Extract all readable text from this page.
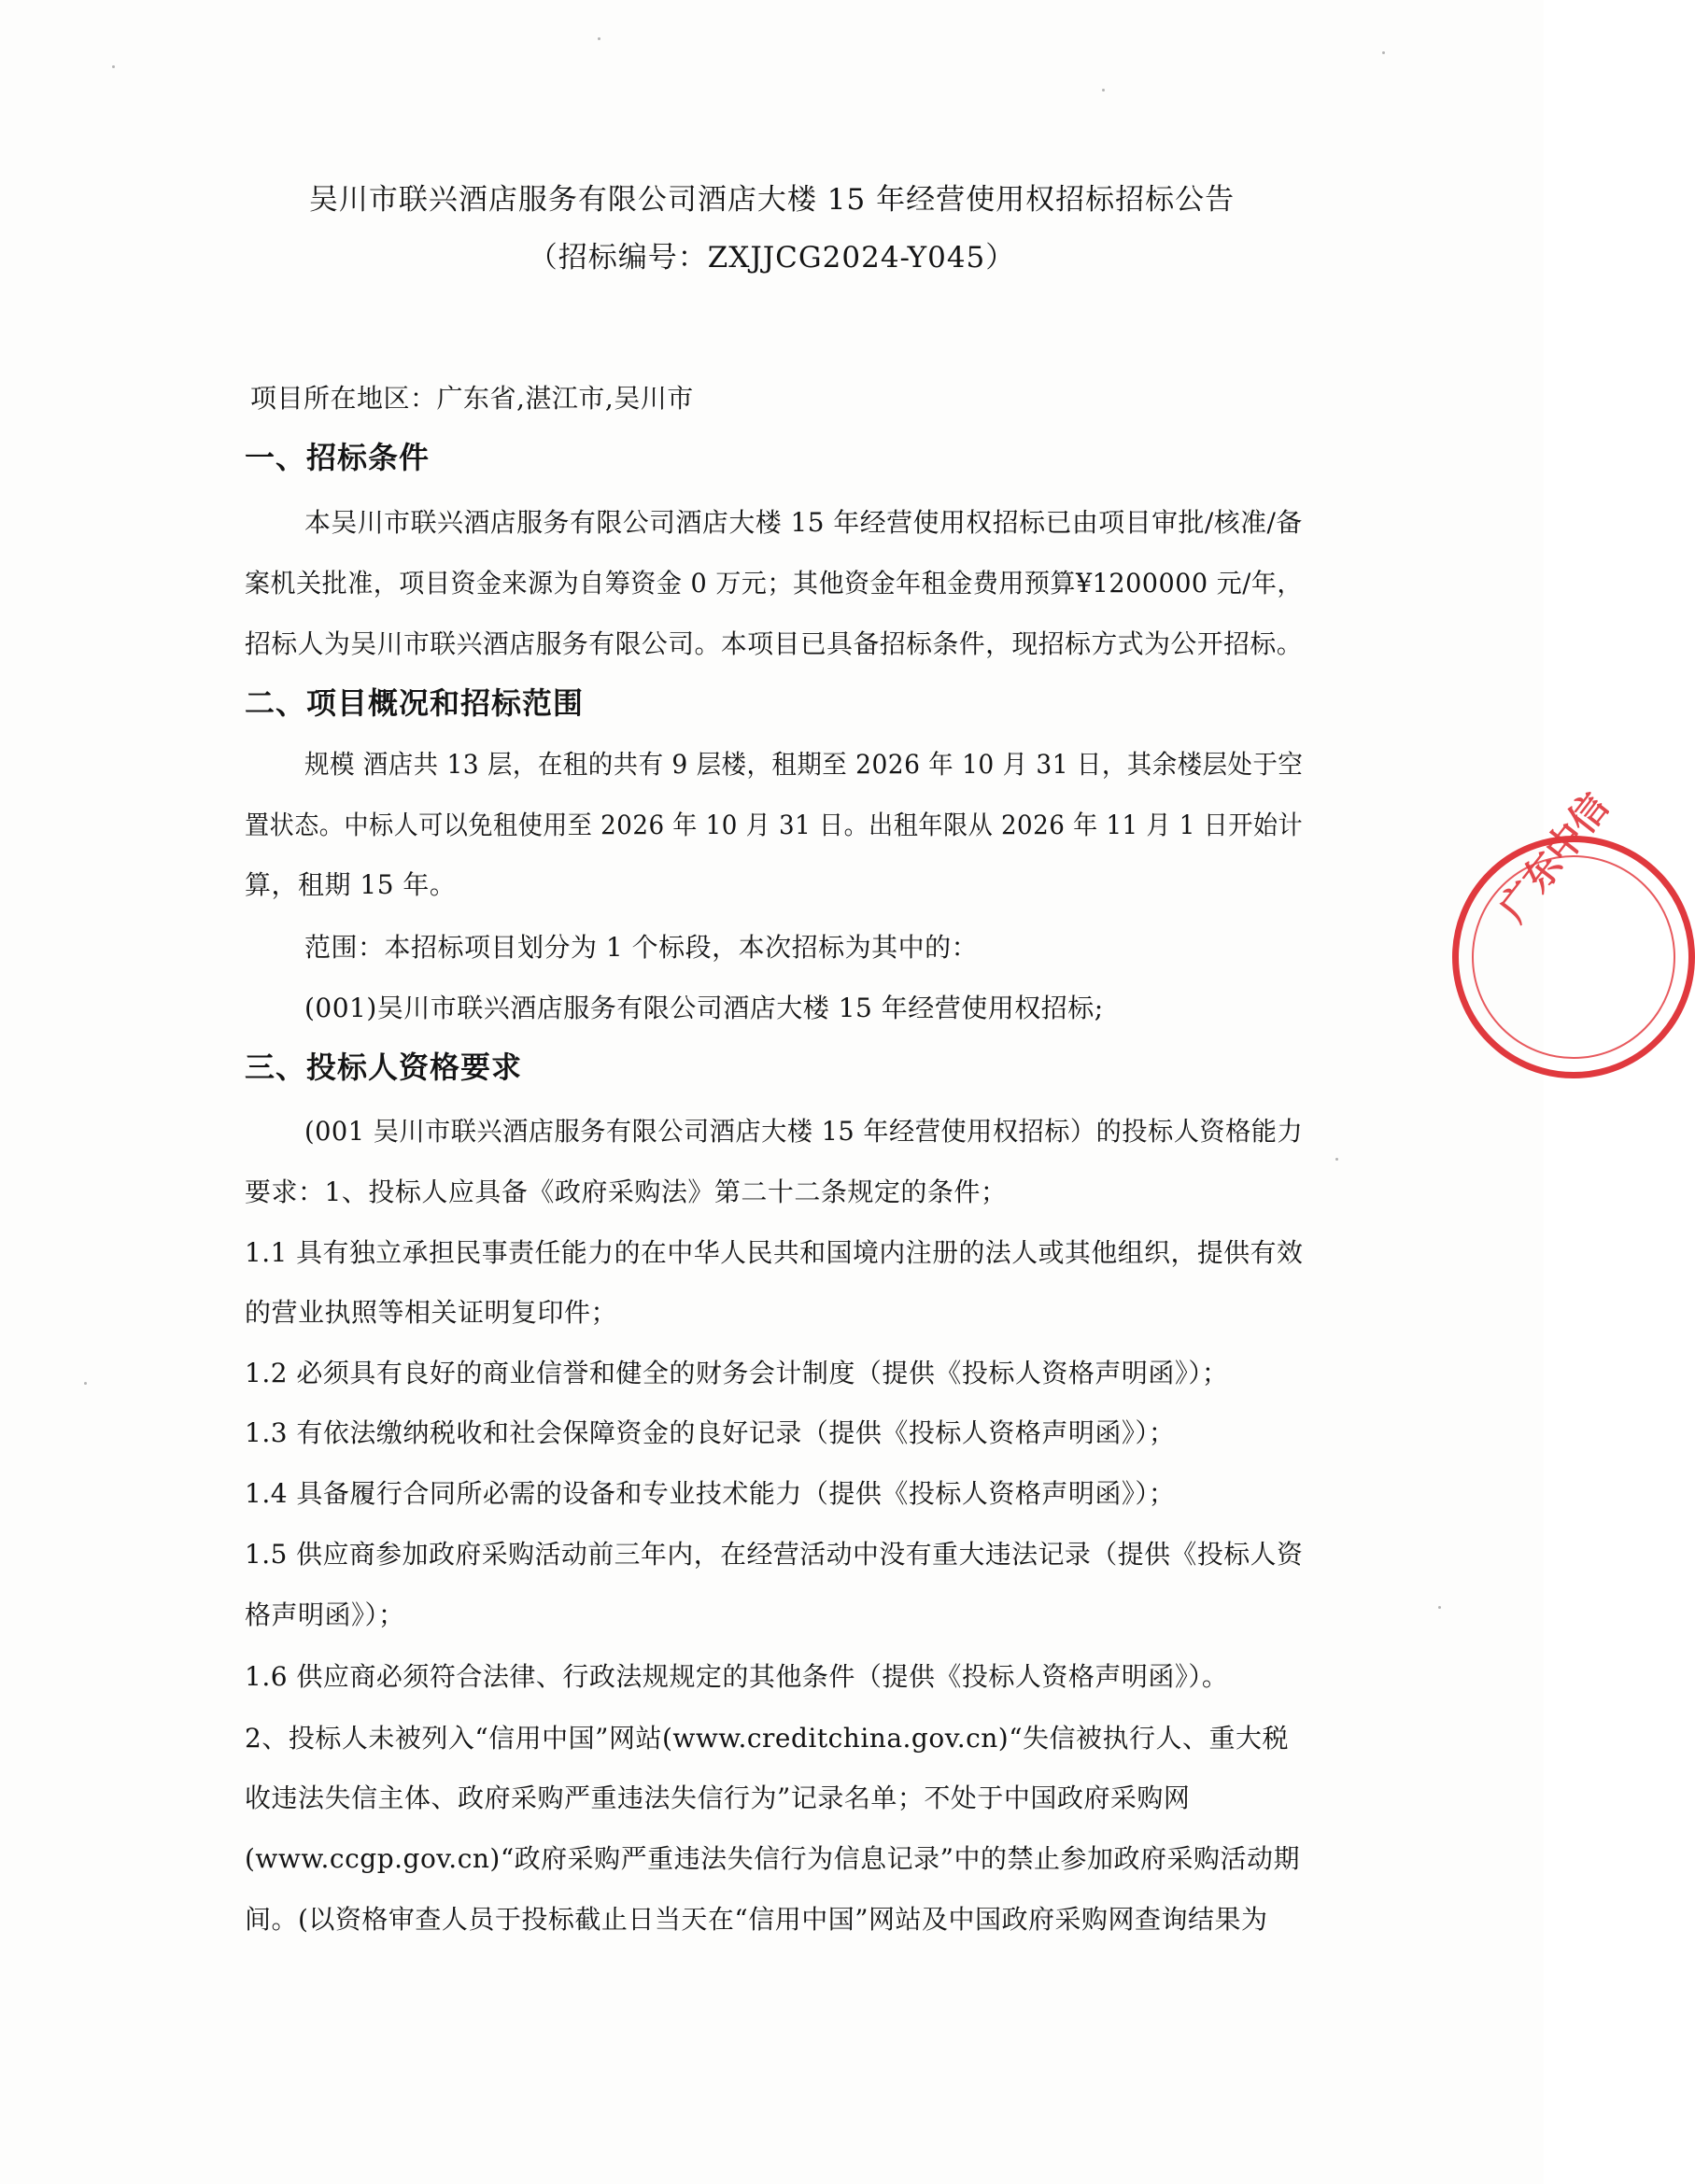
吴川市联兴酒店服务有限公司酒店大楼 15 年经营使用权招标招标公告
（招标编号：ZXJJCG2024-Y045）
项目所在地区：广东省,湛江市,吴川市
一、招标条件
本吴川市联兴酒店服务有限公司酒店大楼 15 年经营使用权招标已由项目审批/核准/备
案机关批准，项目资金来源为自筹资金 0 万元；其他资金年租金费用预算¥1200000 元/年，
招标人为吴川市联兴酒店服务有限公司。本项目已具备招标条件，现招标方式为公开招标。
二、项目概况和招标范围
规模 酒店共 13 层，在租的共有 9 层楼，租期至 2026 年 10 月 31 日，其余楼层处于空
置状态。中标人可以免租使用至 2026 年 10 月 31 日。出租年限从 2026 年 11 月 1 日开始计
算，租期 15 年。
范围：本招标项目划分为 1 个标段，本次招标为其中的：
(001)吴川市联兴酒店服务有限公司酒店大楼 15 年经营使用权招标;
三、投标人资格要求
(001 吴川市联兴酒店服务有限公司酒店大楼 15 年经营使用权招标）的投标人资格能力
要求：1、投标人应具备《政府采购法》第二十二条规定的条件；
1.1 具有独立承担民事责任能力的在中华人民共和国境内注册的法人或其他组织，提供有效
的营业执照等相关证明复印件；
1.2 必须具有良好的商业信誉和健全的财务会计制度（提供《投标人资格声明函》）；
1.3 有依法缴纳税收和社会保障资金的良好记录（提供《投标人资格声明函》）；
1.4 具备履行合同所必需的设备和专业技术能力（提供《投标人资格声明函》）；
1.5 供应商参加政府采购活动前三年内，在经营活动中没有重大违法记录（提供《投标人资
格声明函》）；
1.6 供应商必须符合法律、行政法规规定的其他条件（提供《投标人资格声明函》）。
2、投标人未被列入“信用中国”网站(www.creditchina.gov.cn)“失信被执行人、重大税
收违法失信主体、政府采购严重违法失信行为”记录名单；不处于中国政府采购网
(www.ccgp.gov.cn)“政府采购严重违法失信行为信息记录”中的禁止参加政府采购活动期
间。(以资格审查人员于投标截止日当天在“信用中国”网站及中国政府采购网查询结果为
广东中信
